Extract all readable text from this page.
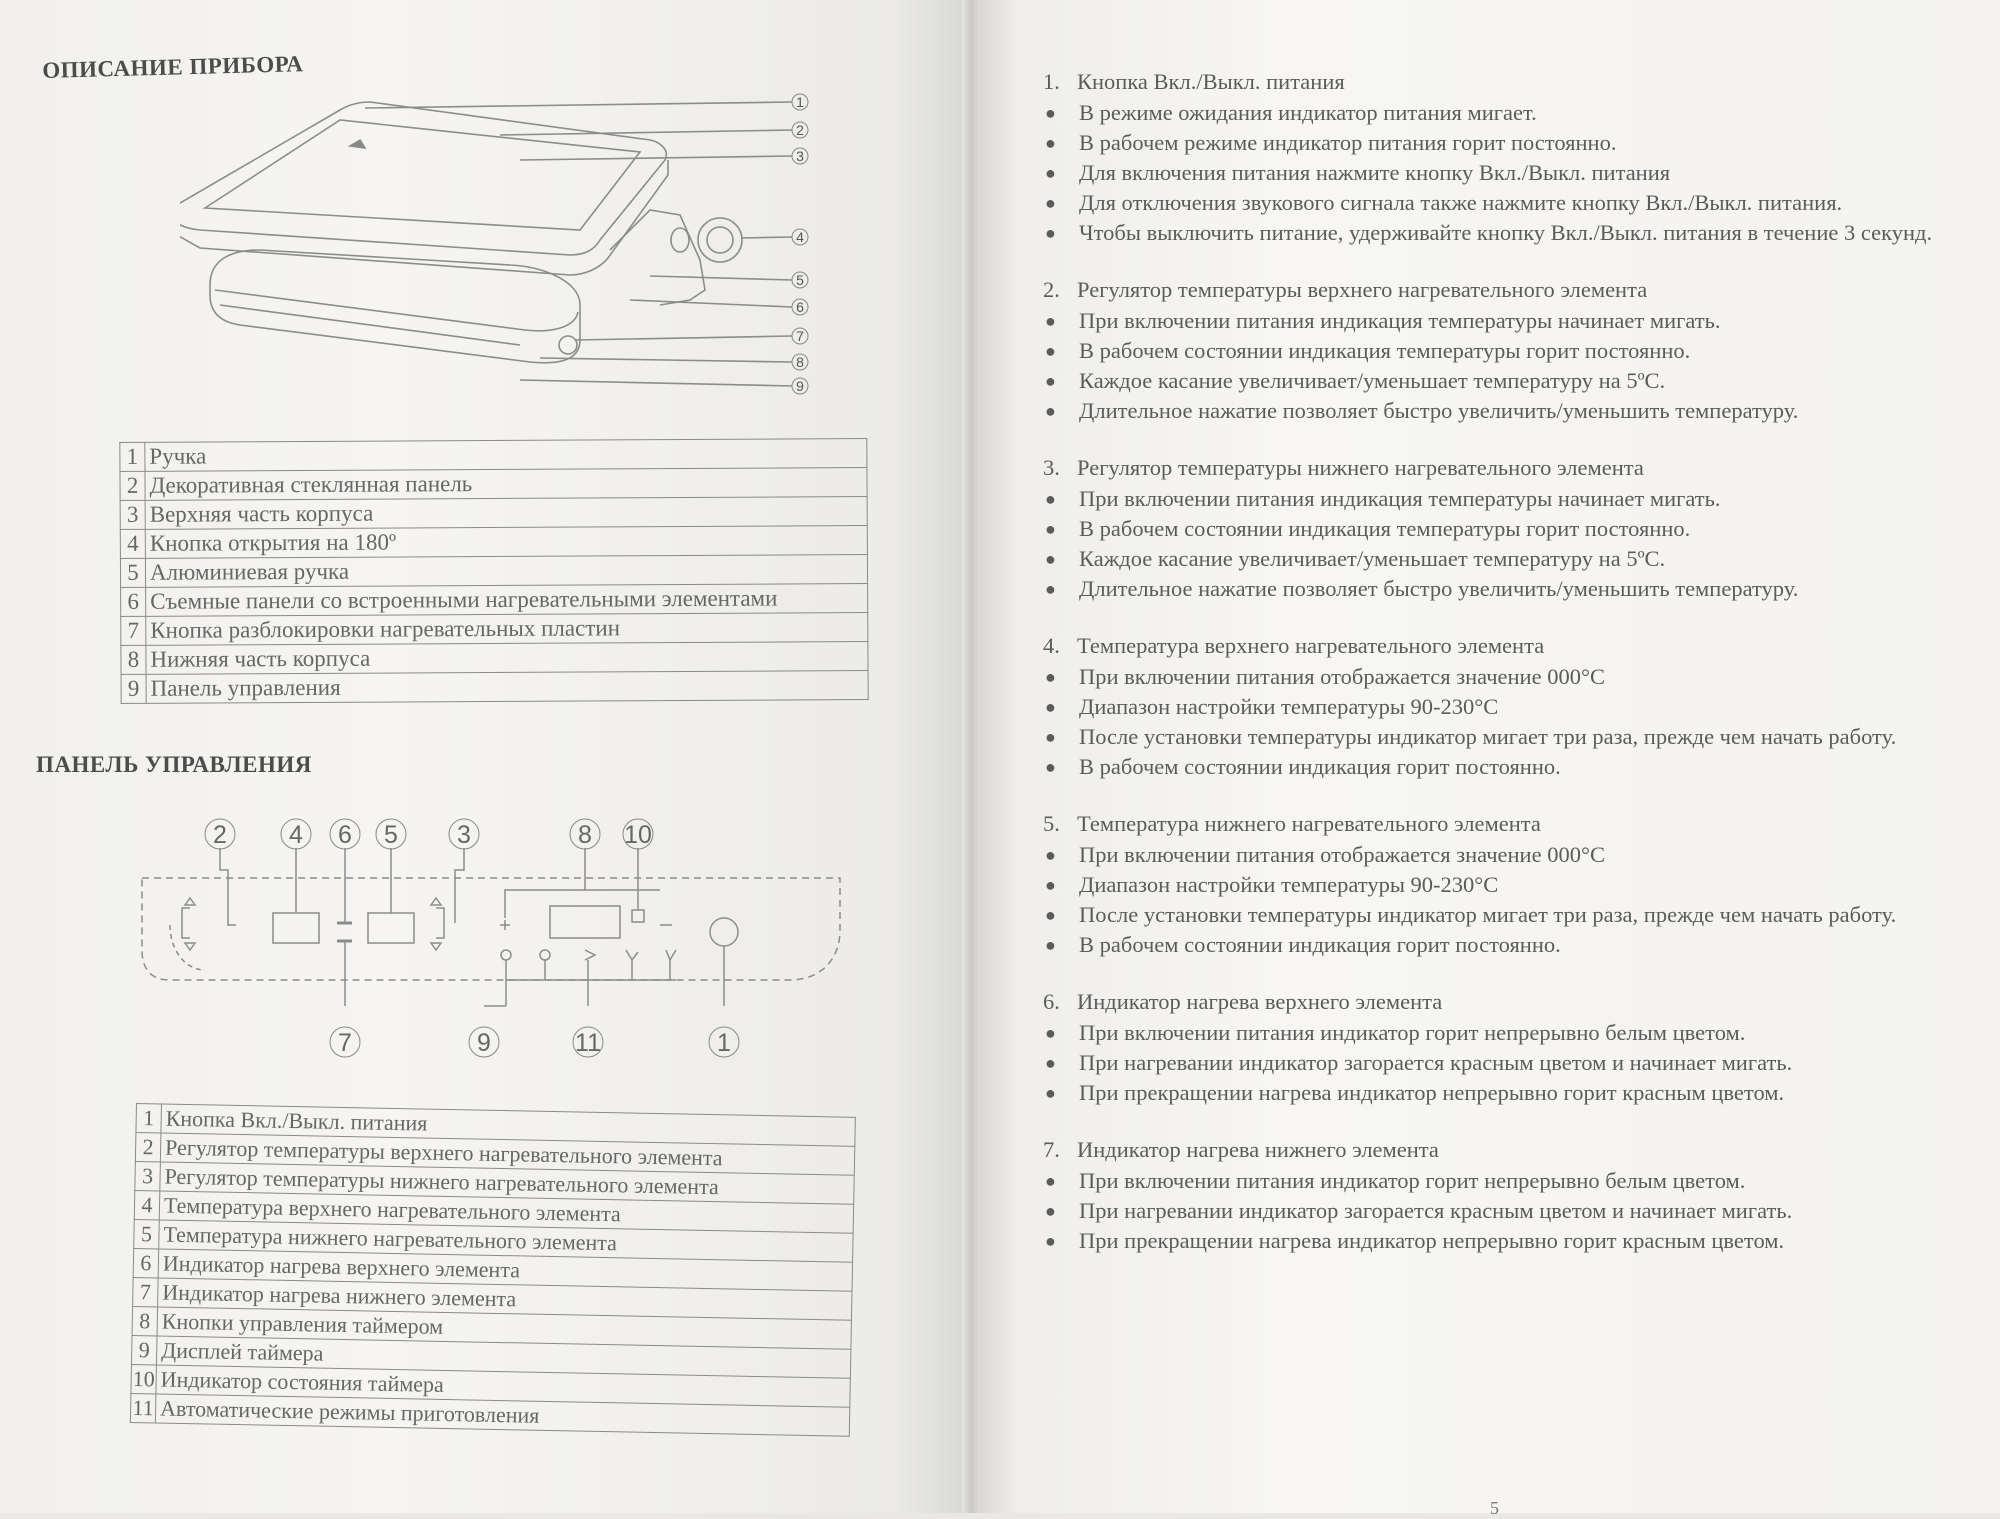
ОПИСАНИЕ ПРИБОРА
1
2
3
4
5
6
7
8
9
1	Ручка
2	Декоративная стеклянная панель
3	Верхняя часть корпуса
4	Кнопка открытия на 180º
5	Алюминиевая ручка
6	Съемные панели со встроенными нагревательными элементами
7	Кнопка разблокировки нагревательных пластин
8	Нижняя часть корпуса
9	Панель управления
ПАНЕЛЬ УПРАВЛЕНИЯ
2 4 6 5 3	8 10
7	9	11	1
1	Кнопка Вкл./Выкл. питания
2	Регулятор температуры верхнего нагревательного элемента
3	Регулятор температуры нижнего нагревательного элемента
4	Температура верхнего нагревательного элемента
5	Температура нижнего нагревательного элемента
6	Индикатор нагрева верхнего элемента
7	Индикатор нагрева нижнего элемента
8	Кнопки управления таймером
9	Дисплей таймера
10	Индикатор состояния таймера
11	Автоматические режимы приготовления
1. Кнопка Вкл./Выкл. питания
●	В режиме ожидания индикатор питания мигает.
●	В рабочем режиме индикатор питания горит постоянно.
●	Для включения питания нажмите кнопку Вкл./Выкл. питания
●	Для отключения звукового сигнала также нажмите кнопку Вкл./Выкл. питания.
●	Чтобы выключить питание, удерживайте кнопку Вкл./Выкл. питания в течение 3 секунд.
2. Регулятор температуры верхнего нагревательного элемента
●	При включении питания индикация температуры начинает мигать.
●	В рабочем состоянии индикация температуры горит постоянно.
●	Каждое касание увеличивает/уменьшает температуру на 5ºС.
●	Длительное нажатие позволяет быстро увеличить/уменьшить температуру.
3. Регулятор температуры нижнего нагревательного элемента
●	При включении питания индикация температуры начинает мигать.
●	В рабочем состоянии индикация температуры горит постоянно.
●	Каждое касание увеличивает/уменьшает температуру на 5ºС.
●	Длительное нажатие позволяет быстро увеличить/уменьшить температуру.
4. Температура верхнего нагревательного элемента
●	При включении питания отображается значение 000°C
●	Диапазон настройки температуры 90-230°C
●	После установки температуры индикатор мигает три раза, прежде чем начать работу.
●	В рабочем состоянии индикация горит постоянно.
5. Температура нижнего нагревательного элемента
●	При включении питания отображается значение 000°C
●	Диапазон настройки температуры 90-230°C
●	После установки температуры индикатор мигает три раза, прежде чем начать работу.
●	В рабочем состоянии индикация горит постоянно.
6. Индикатор нагрева верхнего элемента
●	При включении питания индикатор горит непрерывно белым цветом.
●	При нагревании индикатор загорается красным цветом и начинает мигать.
●	При прекращении нагрева индикатор непрерывно горит красным цветом.
7. Индикатор нагрева нижнего элемента
●	При включении питания индикатор горит непрерывно белым цветом.
●	При нагревании индикатор загорается красным цветом и начинает мигать.
●	При прекращении нагрева индикатор непрерывно горит красным цветом.
5
